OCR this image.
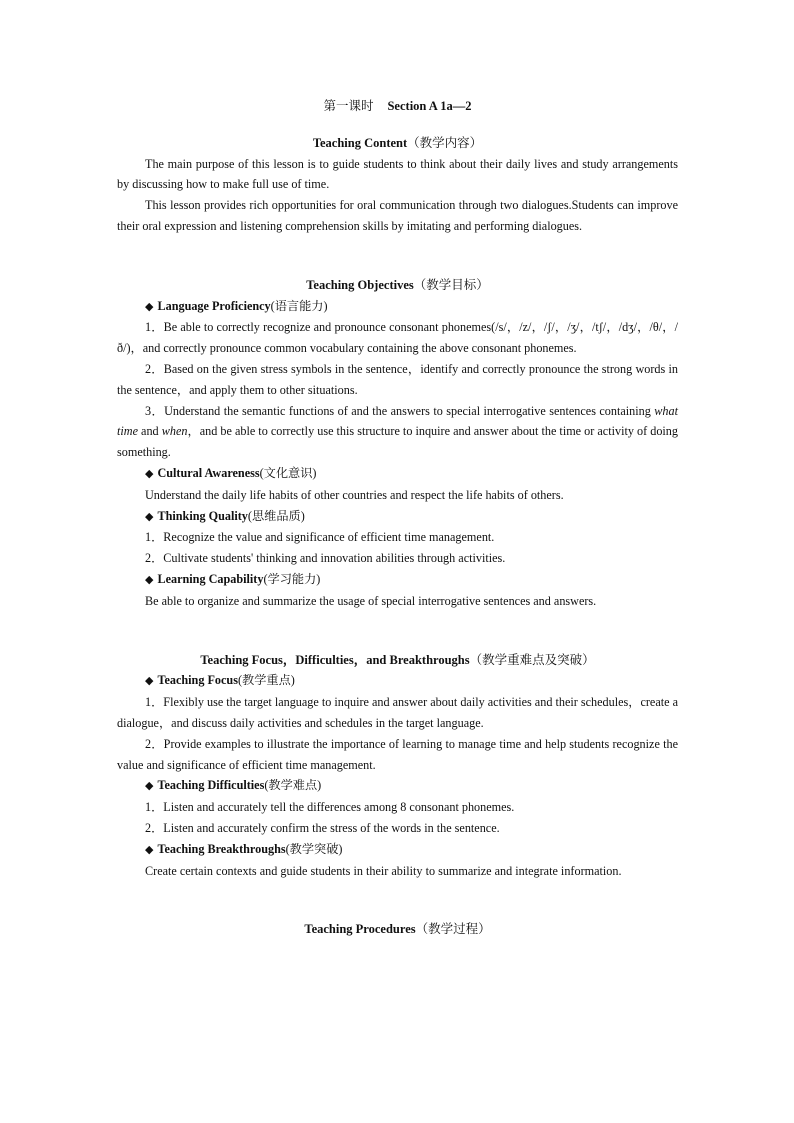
第一课时 Section A 1a—2
Teaching Content（教学内容）

The main purpose of this lesson is to guide students to think about their daily lives and study arrangements by discussing how to make full use of time.

This lesson provides rich opportunities for oral communication through two dialogues.Students can improve their oral expression and listening comprehension skills by imitating and performing dialogues.

Teaching Objectives（教学目标）

◆ Language Proficiency(语言能力)

1．Be able to correctly recognize and pronounce consonant phonemes(/s/，/z/，/ʃ/，/ʒ/，/tʃ/，/dʒ/，/θ/，/ð/)，and correctly pronounce common vocabulary containing the above consonant phonemes.

2．Based on the given stress symbols in the sentence，identify and correctly pronounce the strong words in the sentence，and apply them to other situations.

3．Understand the semantic functions of and the answers to special interrogative sentences containing what time and when，and be able to correctly use this structure to inquire and answer about the time or activity of doing something.

◆ Cultural Awareness(文化意识)

Understand the daily life habits of other countries and respect the life habits of others.

◆ Thinking Quality(思维品质)

1．Recognize the value and significance of efficient time management.

2．Cultivate students' thinking and innovation abilities through activities.

◆ Learning Capability(学习能力)

Be able to organize and summarize the usage of special interrogative sentences and answers.

Teaching Focus，Difficulties，and Breakthroughs（教学重难点及突破）

◆ Teaching Focus(教学重点)

1．Flexibly use the target language to inquire and answer about daily activities and their schedules，create a dialogue，and discuss daily activities and schedules in the target language.

2．Provide examples to illustrate the importance of learning to manage time and help students recognize the value and significance of efficient time management.

◆ Teaching Difficulties(教学难点)

1．Listen and accurately tell the differences among 8 consonant phonemes.

2．Listen and accurately confirm the stress of the words in the sentence.

◆ Teaching Breakthroughs(教学突破)

Create certain contexts and guide students in their ability to summarize and integrate information.

Teaching Procedures（教学过程）
